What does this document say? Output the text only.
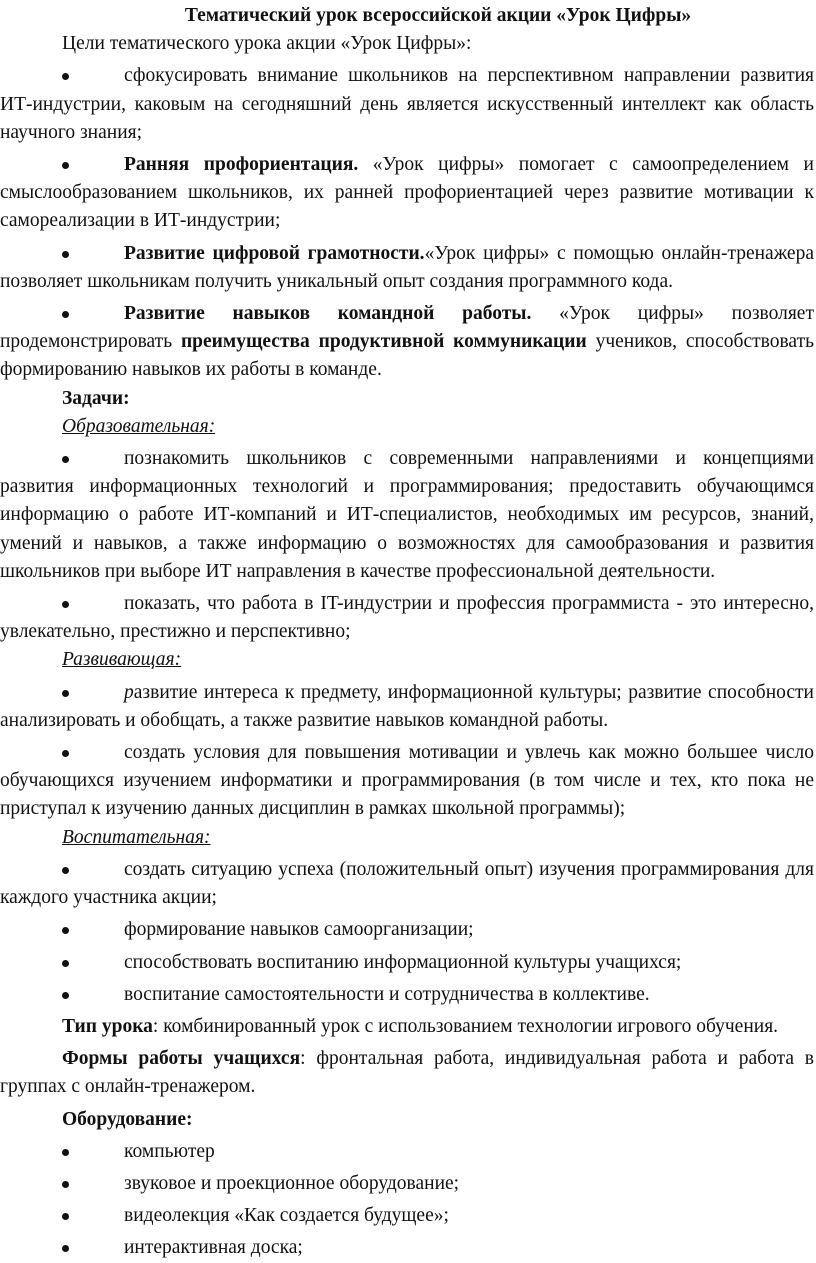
Тематический урок всероссийской акции «Урок Цифры»

Цели тематического урока акции «Урок Цифры»:

сфокусировать внимание школьников на перспективном направлении развития ИТ-индустрии, каковым на сегодняшний день является искусственный интеллект как область научного знания;

Ранняя профориентация. «Урок цифры» помогает с самоопределением и смыслообразованием школьников, их ранней профориентацией через развитие мотивации к самореализации в ИТ-индустрии;

Развитие цифровой грамотности.«Урок цифры» с помощью онлайн-тренажера позволяет школьникам получить уникальный опыт создания программного кода.

Развитие навыков командной работы. «Урок цифры» позволяет продемонстрировать преимущества продуктивной коммуникации учеников, способствовать формированию навыков их работы в команде.

Задачи:

Образовательная:

познакомить школьников с современными направлениями и концепциями развития информационных технологий и программирования; предоставить обучающимся информацию о работе ИТ-компаний и ИТ-специалистов, необходимых им ресурсов, знаний, умений и навыков, а также информацию о возможностях для самообразования и развития школьников при выборе ИТ направления в качестве профессиональной деятельности.

показать, что работа в IT-индустрии и профессия программиста - это интересно, увлекательно, престижно и перспективно;

Развивающая:

развитие интереса к предмету, информационной культуры; развитие способности анализировать и обобщать, а также развитие навыков командной работы.

создать условия для повышения мотивации и увлечь как можно большее число обучающихся изучением информатики и программирования (в том числе и тех, кто пока не приступал к изучению данных дисциплин в рамках школьной программы);

Воспитательная:

создать ситуацию успеха (положительный опыт) изучения программирования для каждого участника акции;

формирование навыков самоорганизации;

способствовать воспитанию информационной культуры учащихся;

воспитание самостоятельности и сотрудничества в коллективе.

Тип урока: комбинированный урок с использованием технологии игрового обучения.

Формы работы учащихся: фронтальная работа, индивидуальная работа и работа в группах с онлайн-тренажером.

Оборудование:

компьютер

звуковое и проекционное оборудование;

видеолекция «Как создается будущее»;

интерактивная доска;
